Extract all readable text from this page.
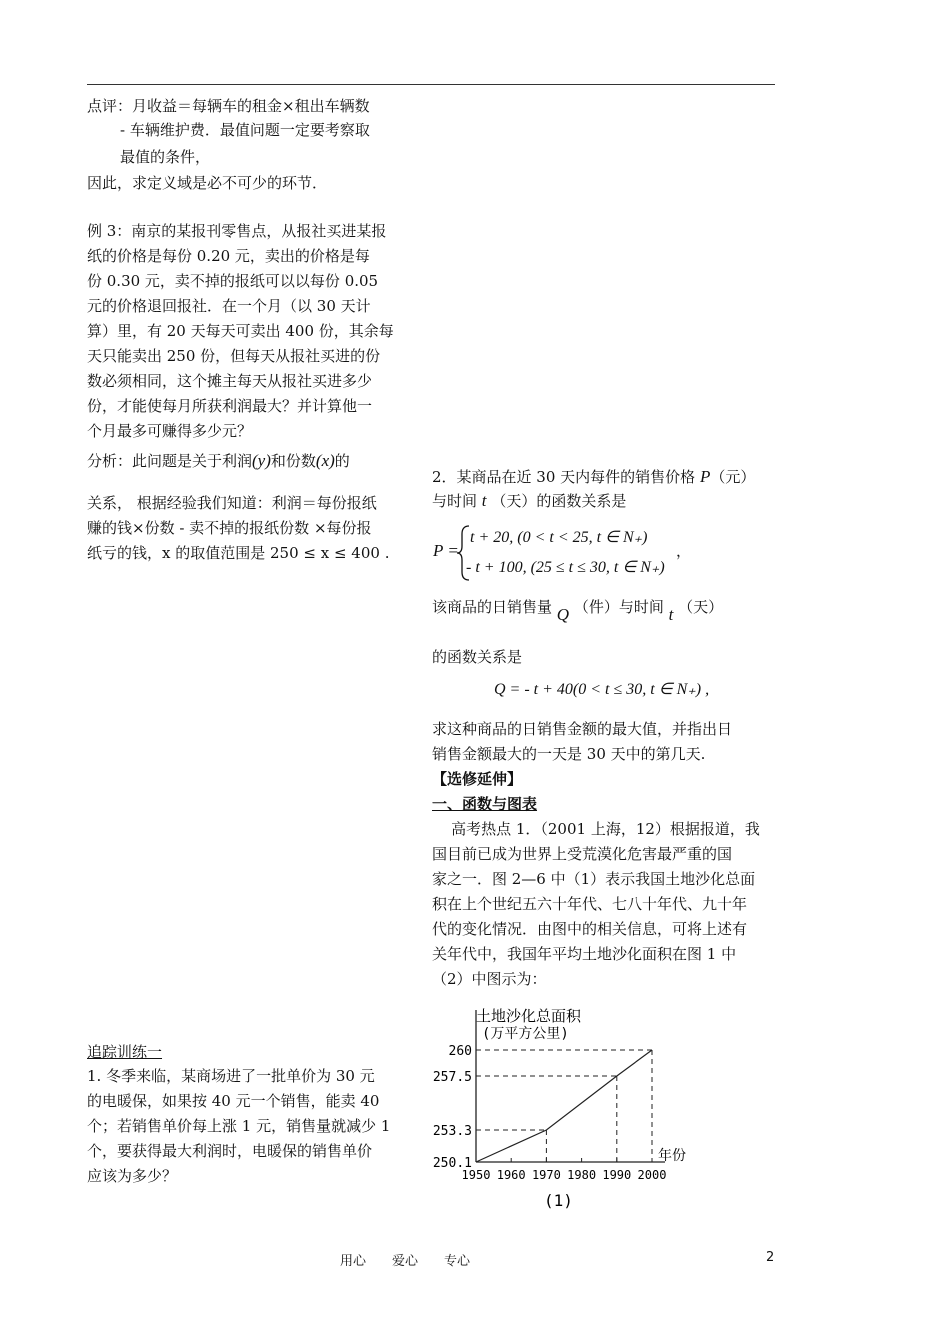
点评：月收益＝每辆车的租金×租出车辆数
- 车辆维护费．最值问题一定要考察取
最值的条件，
因此，求定义域是必不可少的环节．
例 3：南京的某报刊零售点，从报社买进某报
纸的价格是每份 0.20 元，卖出的价格是每
份 0.30 元，卖不掉的报纸可以以每份 0.05
元的价格退回报社．在一个月（以 30 天计
算）里，有 20 天每天可卖出 400 份，其余每
天只能卖出 250 份，但每天从报社买进的份
数必须相同，这个摊主每天从报社买进多少
份，才能使每月所获利润最大？并计算他一
个月最多可赚得多少元？
分析：此问题是关于利润(y)和份数(x)的
关系， 根据经验我们知道：利润＝每份报纸
赚的钱×份数 - 卖不掉的报纸份数 ×每份报
纸亏的钱，x 的取值范围是 250 ≤ x ≤ 400 .
追踪训练一
1. 冬季来临，某商场进了一批单价为 30 元
的电暖保，如果按 40 元一个销售，能卖 40
个；若销售单价每上涨 1 元，销售量就减少 1
个，要获得最大利润时，电暖保的销售单价
应该为多少？
2．某商品在近 30 天内每件的销售价格 P（元）
与时间 t （天）的函数关系是
P =
t + 20, (0 < t < 25, t ∈ N₊)
- t + 100, (25 ≤ t ≤ 30, t ∈ N₊)
，
该商品的日销售量 Q （件）与时间 t （天）
的函数关系是
Q = - t + 40(0 < t ≤ 30, t ∈ N₊) ,
求这种商品的日销售金额的最大值，并指出日
销售金额最大的一天是 30 天中的第几天.
【选修延伸】
一、函数与图表
高考热点 1．（2001 上海，12）根据报道，我
国目前已成为世界上受荒漠化危害最严重的国
家之一．图 2—6 中（1）表示我国土地沙化总面
积在上个世纪五六十年代、七八十年代、九十年
代的变化情况．由图中的相关信息，可将上述有
关年代中，我国年平均土地沙化面积在图 1 中
（2）中图示为：
土地沙化总面积
(万平方公里)
年份
(1)
250.1
253.3
257.5
260
1950 1960 1970 1980 1990 2000
用心　　爱心　　专心	2
